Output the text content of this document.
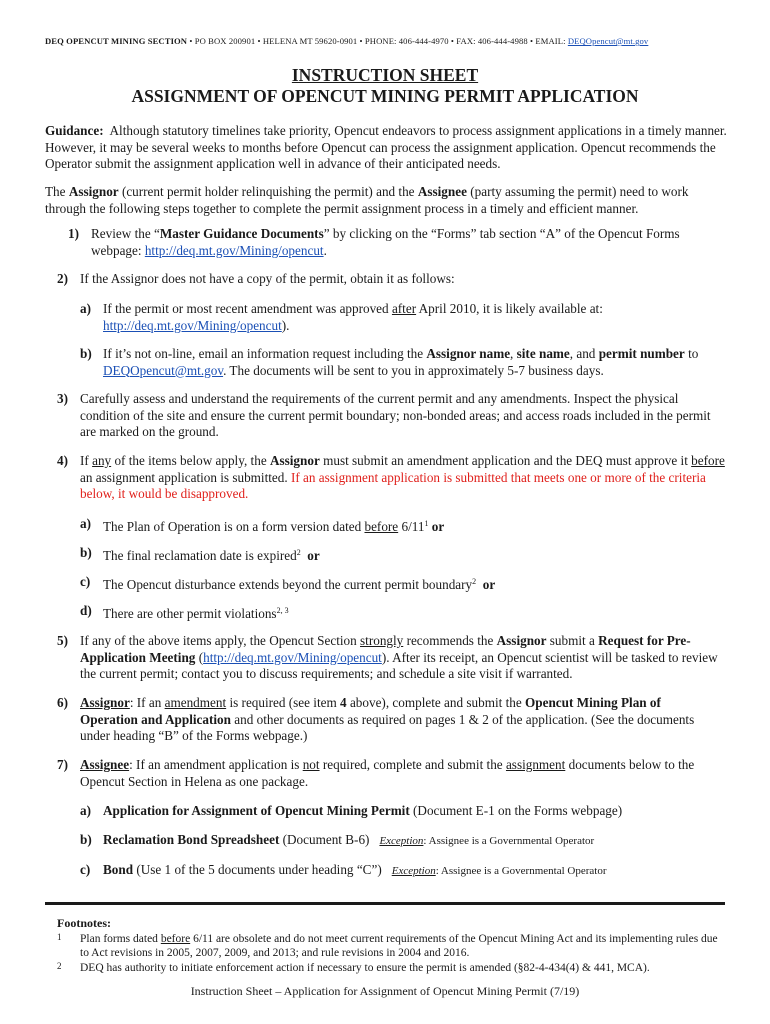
DEQ OPENCUT MINING SECTION • PO BOX 200901 • HELENA MT 59620-0901 • PHONE: 406-444-4970 • FAX: 406-444-4988 • EMAIL: DEQOpencut@mt.gov
INSTRUCTION SHEET
ASSIGNMENT OF OPENCUT MINING PERMIT APPLICATION
Guidance: Although statutory timelines take priority, Opencut endeavors to process assignment applications in a timely manner. However, it may be several weeks to months before Opencut can process the assignment application. Opencut recommends the Operator submit the assignment application well in advance of their anticipated needs.
The Assignor (current permit holder relinquishing the permit) and the Assignee (party assuming the permit) need to work through the following steps together to complete the permit assignment process in a timely and efficient manner.
1) Review the “Master Guidance Documents” by clicking on the “Forms” tab section “A” of the Opencut Forms webpage: http://deq.mt.gov/Mining/opencut.
2) If the Assignor does not have a copy of the permit, obtain it as follows:
a) If the permit or most recent amendment was approved after April 2010, it is likely available at:
http://deq.mt.gov/Mining/opencut).
b) If it’s not on-line, email an information request including the Assignor name, site name, and permit number to DEQOpencut@mt.gov. The documents will be sent to you in approximately 5-7 business days.
3) Carefully assess and understand the requirements of the current permit and any amendments. Inspect the physical condition of the site and ensure the current permit boundary; non-bonded areas; and access roads included in the permit are marked on the ground.
4) If any of the items below apply, the Assignor must submit an amendment application and the DEQ must approve it before an assignment application is submitted. If an assignment application is submitted that meets one or more of the criteria below, it would be disapproved.
a) The Plan of Operation is on a form version dated before $6/11^1$ or
b) The final reclamation date is expired$^2$ or
c) The Opencut disturbance extends beyond the current permit boundary$^2$ or
d) There are other permit violations$^{2, 3}$
5) If any of the above items apply, the Opencut Section strongly recommends the Assignor submit a Request for Pre-Application Meeting (http://deq.mt.gov/Mining/opencut). After its receipt, an Opencut scientist will be tasked to review the current permit; contact you to discuss requirements; and schedule a site visit if warranted.
6) Assignor: If an amendment is required (see item 4 above), complete and submit the Opencut Mining Plan of Operation and Application and other documents as required on pages 1 & 2 of the application. (See the documents under heading “B” of the Forms webpage.)
7) Assignee: If an amendment application is not required, complete and submit the assignment documents below to the Opencut Section in Helena as one package.
a) Application for Assignment of Opencut Mining Permit (Document E-1 on the Forms webpage)
b) Reclamation Bond Spreadsheet (Document B-6) Exception: Assignee is a Governmental Operator
c) Bond (Use 1 of the 5 documents under heading “C”) Exception: Assignee is a Governmental Operator
Footnotes:
1 Plan forms dated before 6/11 are obsolete and do not meet current requirements of the Opencut Mining Act and its implementing rules due to Act revisions in 2005, 2007, 2009, and 2013; and rule revisions in 2004 and 2016.
2 DEQ has authority to initiate enforcement action if necessary to ensure the permit is amended (§82-4-434(4) & 441, MCA).
Instruction Sheet – Application for Assignment of Opencut Mining Permit (7/19)
